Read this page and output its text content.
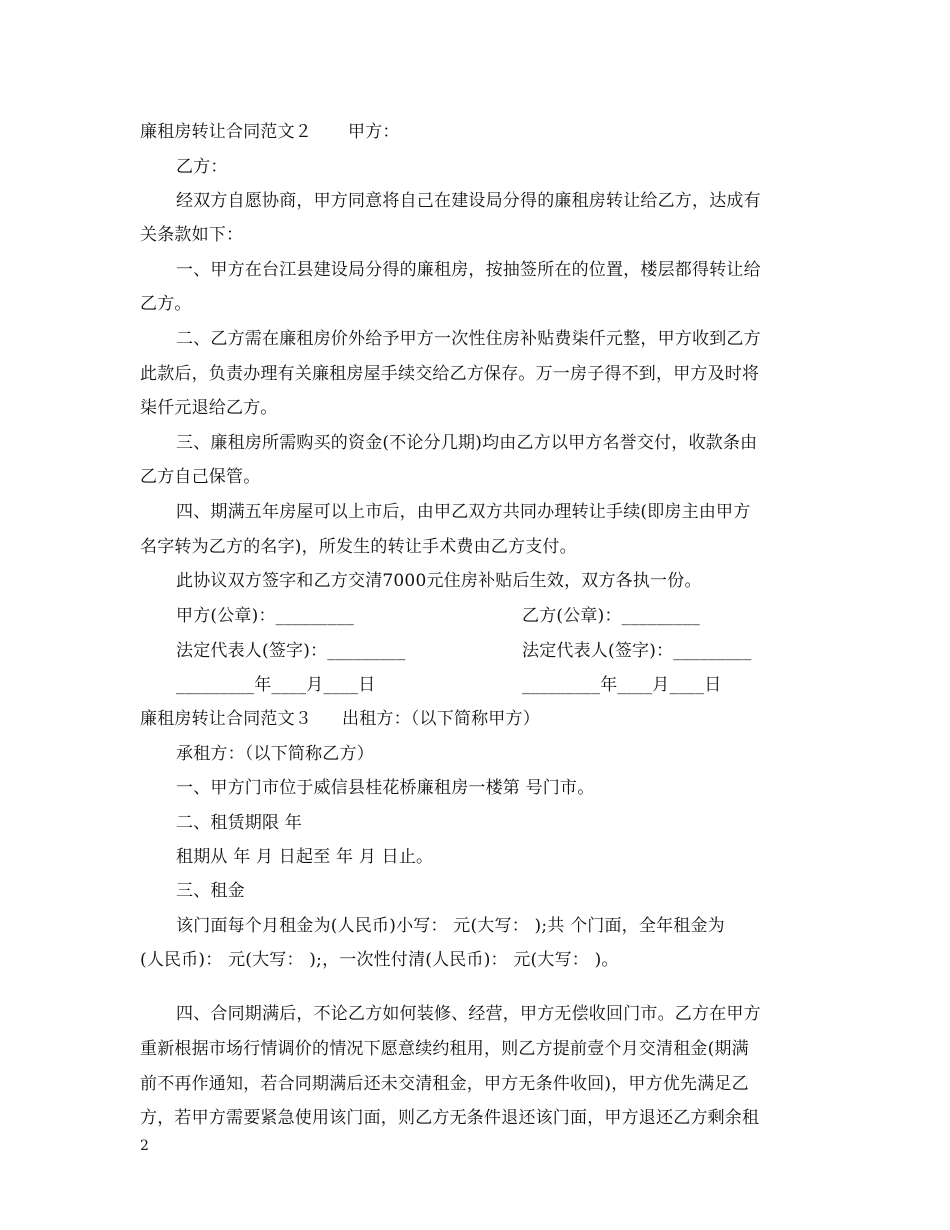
廉租房转让合同范文２ 甲方：
乙方：
经双方自愿协商，甲方同意将自己在建设局分得的廉租房转让给乙方，达成有
关条款如下：
一、甲方在台江县建设局分得的廉租房，按抽签所在的位置，楼层都得转让给
乙方。
二、乙方需在廉租房价外给予甲方一次性住房补贴费柒仟元整，甲方收到乙方
此款后，负责办理有关廉租房屋手续交给乙方保存。万一房子得不到，甲方及时将
柒仟元退给乙方。
三、廉租房所需购买的资金(不论分几期)均由乙方以甲方名誉交付，收款条由
乙方自己保管。
四、期满五年房屋可以上市后，由甲乙双方共同办理转让手续(即房主由甲方
名字转为乙方的名字)，所发生的转让手术费由乙方支付。
此协议双方签字和乙方交清7000元住房补贴后生效，双方各执一份。
甲方(公章)：_________	乙方(公章)：_________
法定代表人(签字)：_________	法定代表人(签字)：_________
_________年____月____日	_________年____月____日
廉租房转让合同范文３ 出租方：（以下简称甲方）
承租方：（以下简称乙方）
一、甲方门市位于威信县桂花桥廉租房一楼第 号门市。
二、租赁期限 年
租期从 年 月 日起至 年 月 日止。
三、租金
该门面每个月租金为(人民币)小写： 元(大写： );共 个门面，全年租金为
(人民币)： 元(大写： );，一次性付清(人民币)： 元(大写： )。
四、合同期满后，不论乙方如何装修、经营，甲方无偿收回门市。乙方在甲方
重新根据市场行情调价的情况下愿意续约租用，则乙方提前壹个月交清租金(期满
前不再作通知，若合同期满后还未交清租金，甲方无条件收回)，甲方优先满足乙
方，若甲方需要紧急使用该门面，则乙方无条件退还该门面，甲方退还乙方剩余租
2
